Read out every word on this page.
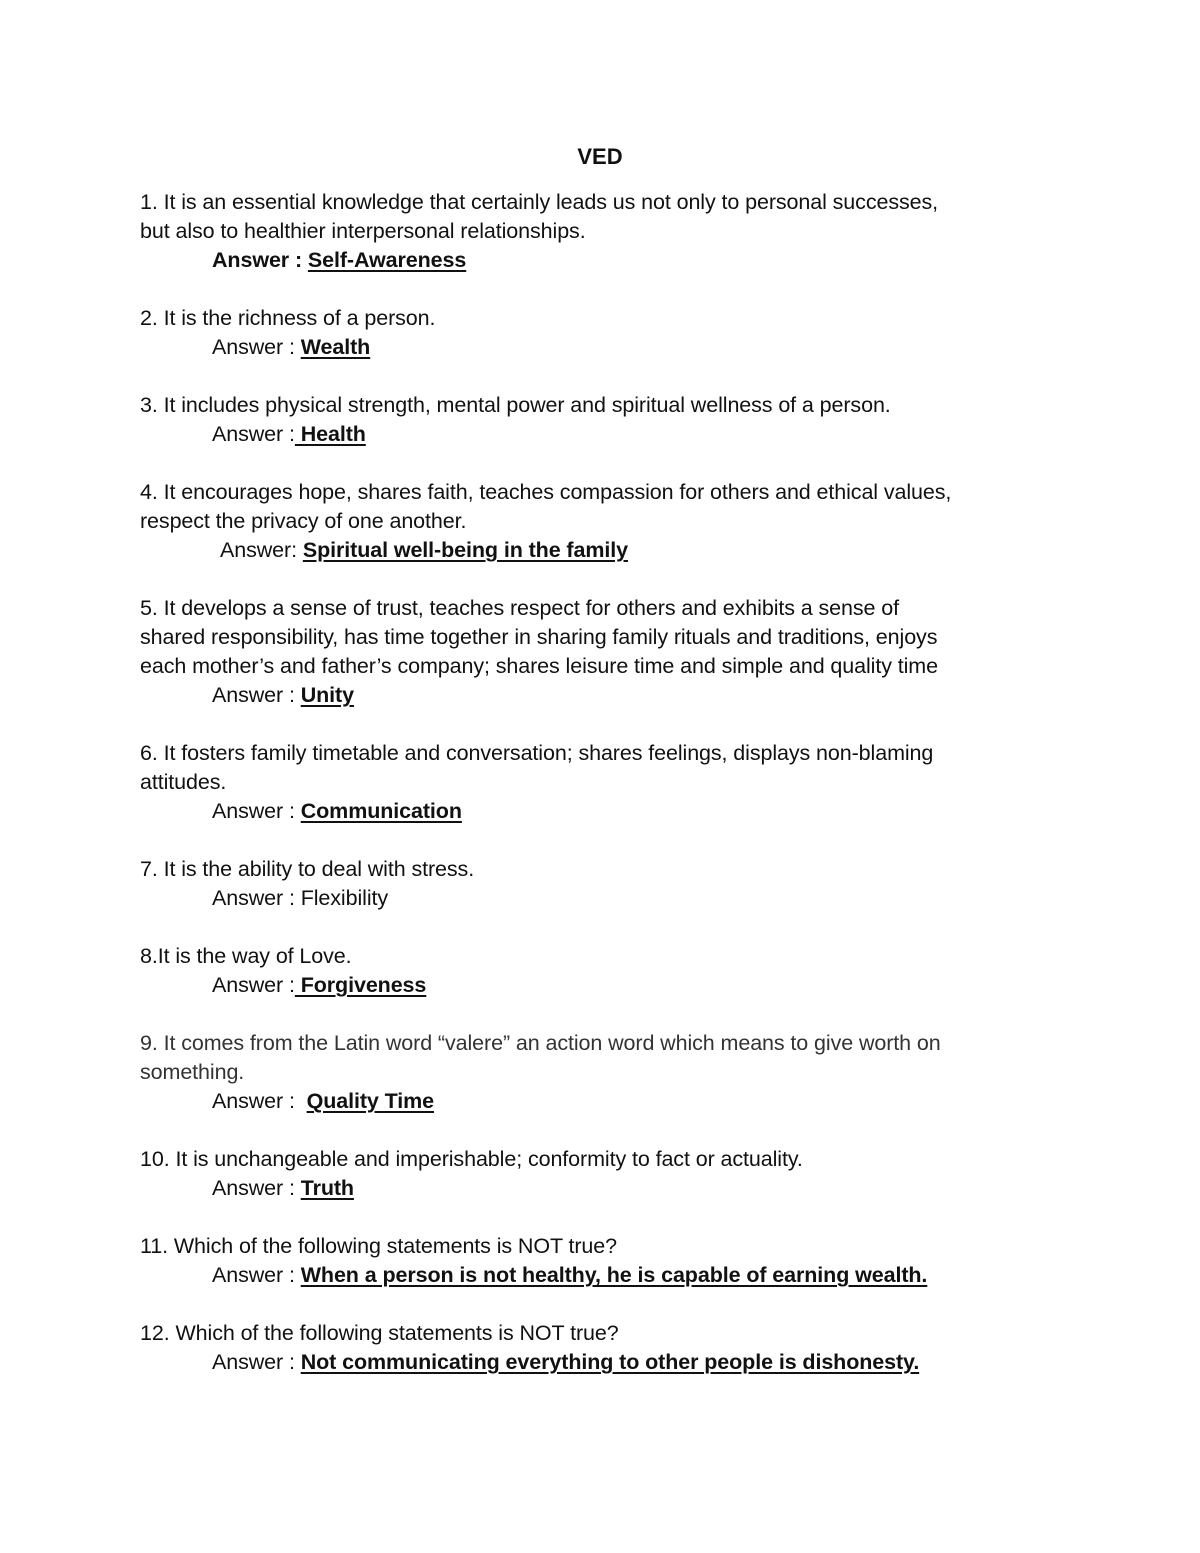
VED
1. It is an essential knowledge that certainly leads us not only to personal successes,
but also to healthier interpersonal relationships.
Answer : Self-Awareness
2. It is the richness of a person.
Answer : Wealth
3. It includes physical strength, mental power and spiritual wellness of a person.
Answer : Health
4. It encourages hope, shares faith, teaches compassion for others and ethical values,
respect the privacy of one another.
Answer: Spiritual well-being in the family
5. It develops a sense of trust, teaches respect for others and exhibits a sense of
shared responsibility, has time together in sharing family rituals and traditions, enjoys
each mother’s and father’s company; shares leisure time and simple and quality time
Answer : Unity
6. It fosters family timetable and conversation; shares feelings, displays non-blaming
attitudes.
Answer : Communication
7. It is the ability to deal with stress.
Answer : Flexibility
8.It is the way of Love.
Answer : Forgiveness
9. It comes from the Latin word “valere” an action word which means to give worth on
something.
Answer :  Quality Time
10. It is unchangeable and imperishable; conformity to fact or actuality.
Answer : Truth
11. Which of the following statements is NOT true?
Answer : When a person is not healthy, he is capable of earning wealth.
12. Which of the following statements is NOT true?
Answer : Not communicating everything to other people is dishonesty.
